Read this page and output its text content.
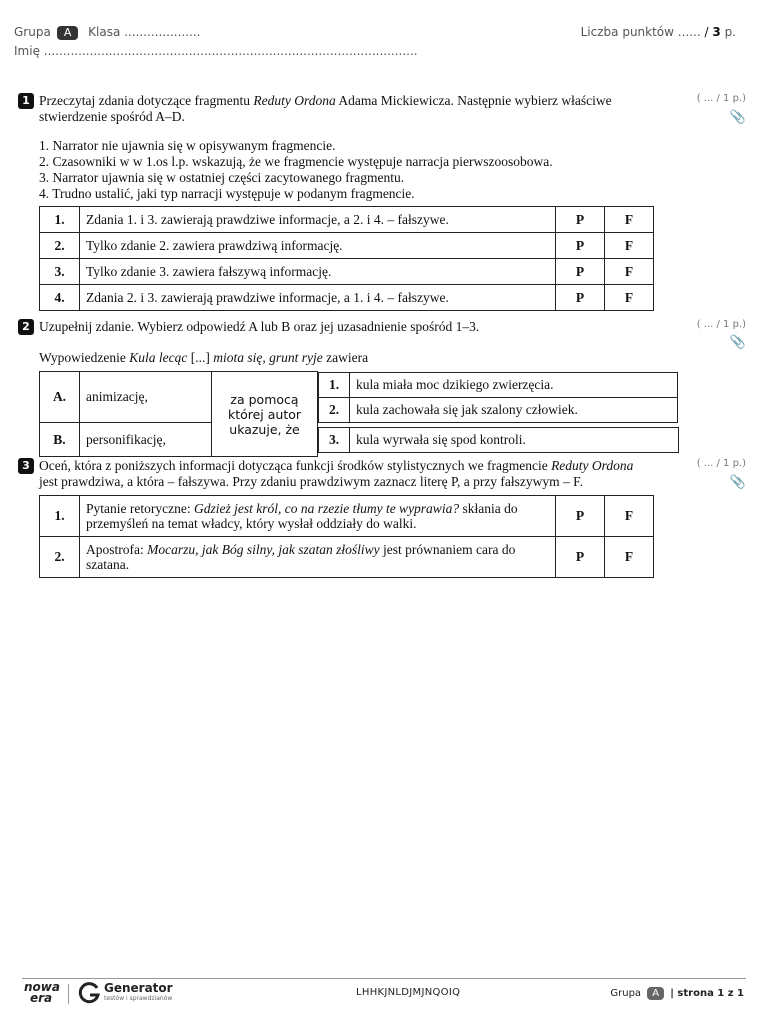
Grupa A Klasa ....................
Imię ..................................................................................................
Liczba punktów ...... / 3 p.
1 Przeczytaj zdania dotyczące fragmentu Reduty Ordona Adama Mickiewicza. Następnie wybierz właściwe
stwierdzenie spośród A–D.
( ... / 1 p.)
📎
1. Narrator nie ujawnia się w opisywanym fragmencie.
2. Czasowniki w w 1.os l.p. wskazują, że we fragmencie występuje narracja pierwszoosobowa.
3. Narrator ujawnia się w ostatniej części zacytowanego fragmentu.
4. Trudno ustalić, jaki typ narracji występuje w podanym fragmencie.
1.	Zdania 1. i 3. zawierają prawdziwe informacje, a 2. i 4. – fałszywe.	P	F
2.	Tylko zdanie 2. zawiera prawdziwą informację.	P	F
3.	Tylko zdanie 3. zawiera fałszywą informację.	P	F
4.	Zdania 2. i 3. zawierają prawdziwe informacje, a 1. i 4. – fałszywe.	P	F
2 Uzupełnij zdanie. Wybierz odpowiedź A lub B oraz jej uzasadnienie spośród 1–3.	( ... / 1 p.)
📎
Wypowiedzenie Kula lecąc [...] miota się, grunt ryje zawiera
A.	animizację,	za pomocą której autor ukazuje, że	
1.	kula miała moc dzikiego zwierzęcia.
2.	kula zachowała się jak szalony człowiek.

B.	personifikację,		3.	kula wyrwała się spod kontroli.
3 Oceń, która z poniższych informacji dotycząca funkcji środków stylistycznych we fragmencie Reduty Ordona
jest prawdziwa, a która – fałszywa. Przy zdaniu prawdziwym zaznacz literę P, a przy fałszywym – F.
( ... / 1 p.)
📎
1.	Pytanie retoryczne: Gdzież jest król, co na rzezie tłumy te wyprawia? skłania do przemyśleń na temat władcy, który wysłał oddziały do walki.	P	F
2.	Apostrofa: Mocarzu, jak Bóg silny, jak szatan złośliwy jest prównaniem cara do szatana.	P	F
nowa
era
Generator
testów i sprawdzianów
LHHKJNLDJMJNQOIQ	Grupa A | strona 1 z 1
